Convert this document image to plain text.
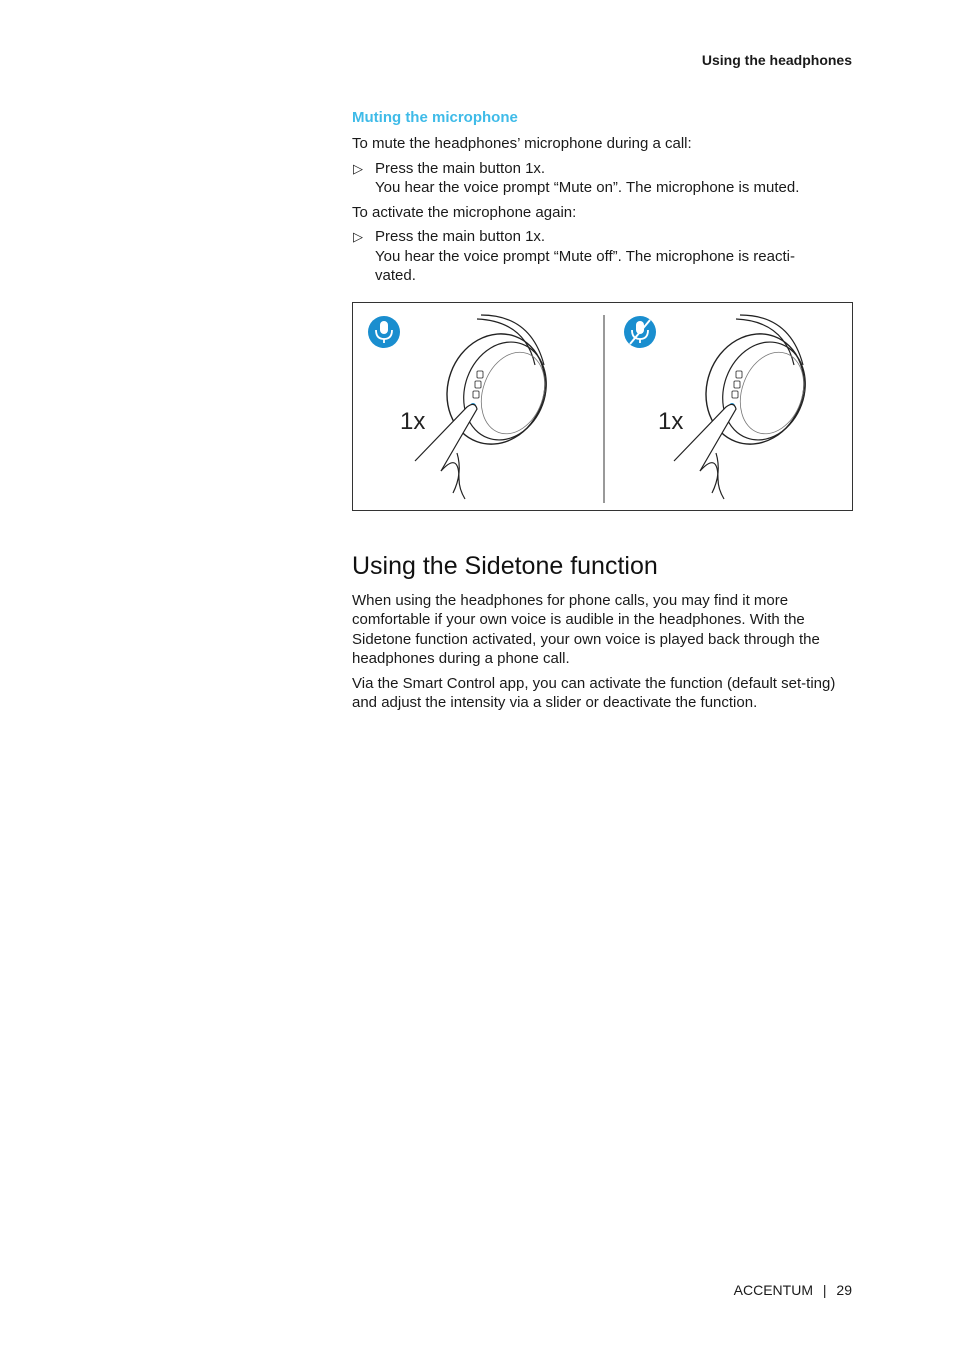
Using the headphones
Muting the microphone
To mute the headphones’ microphone during a call:
▷ Press the main button 1x.
You hear the voice prompt “Mute on”. The microphone is muted.
To activate the microphone again:
▷ Press the main button 1x.
You hear the voice prompt “Mute off”. The microphone is reacti-
vated.
1x	1x
Using the Sidetone function
When using the headphones for phone calls, you may find it more comfortable if your own voice is audible in the headphones. With the Sidetone function activated, your own voice is played back through the headphones during a phone call.
Via the Smart Control app, you can activate the function (default set-ting) and adjust the intensity via a slider or deactivate the function.
ACCENTUM | 29
